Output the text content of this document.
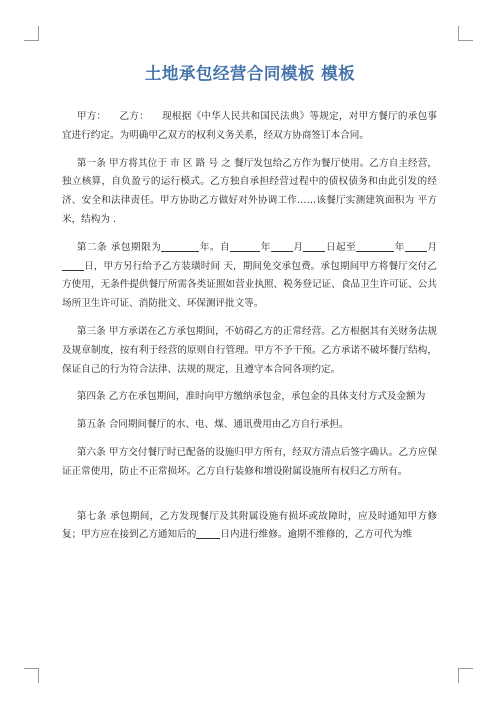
土地承包经营合同模板 模板

甲方：    乙方：    现根据《中华人民共和国民法典》等规定，对甲方餐厅的承包事宜进行约定。为明确甲乙双方的权利义务关系，经双方协商签订本合同。

第一条 甲方将其位于 市 区 路 号 之 餐厅发包给乙方作为餐厅使用。乙方自主经营，独立核算，自负盈亏的运行模式。乙方独自承担经营过程中的债权债务和由此引发的经济、安全和法律责任。甲方协助乙方做好对外协调工作……该餐厅实测建筑面积为 平方米，结构为 .

第二条 承包期限为	年。自	年 月 日起至	年 月日，甲方另行给予乙方装璜时间 天，期间免交承包费。承包期间甲方将餐厅交付乙方使用，无条件提供餐厅所需各类证照如营业执照、税务登记证、食品卫生许可证、公共场所卫生许可证、消防批文、环保测评批文等。

第三条 甲方承诺在乙方承包期间，不妨碍乙方的正常经营。乙方根据其有关财务法规及规章制度，按有利于经营的原则自行管理。甲方不予干预。乙方承诺不破坏餐厅结构，保证自己的行为符合法律、法规的规定，且遵守本合同各项约定。

第四条 乙方在承包期间，准时向甲方缴纳承包金，承包金的具体支付方式及金额为

第五条 合同期间餐厅的水、电、煤、通讯费用由乙方自行承担。

第六条 甲方交付餐厅时已配备的设施归甲方所有，经双方清点后签字确认。乙方应保证正常使用，防止不正常损坏。乙方自行装修和增设附属设施所有权归乙方所有。

第七条 承包期间，乙方发现餐厅及其附属设施有损坏或故障时，应及时通知甲方修复；甲方应在接到乙方通知后的	日内进行维修。逾期不维修的，乙方可代为维
